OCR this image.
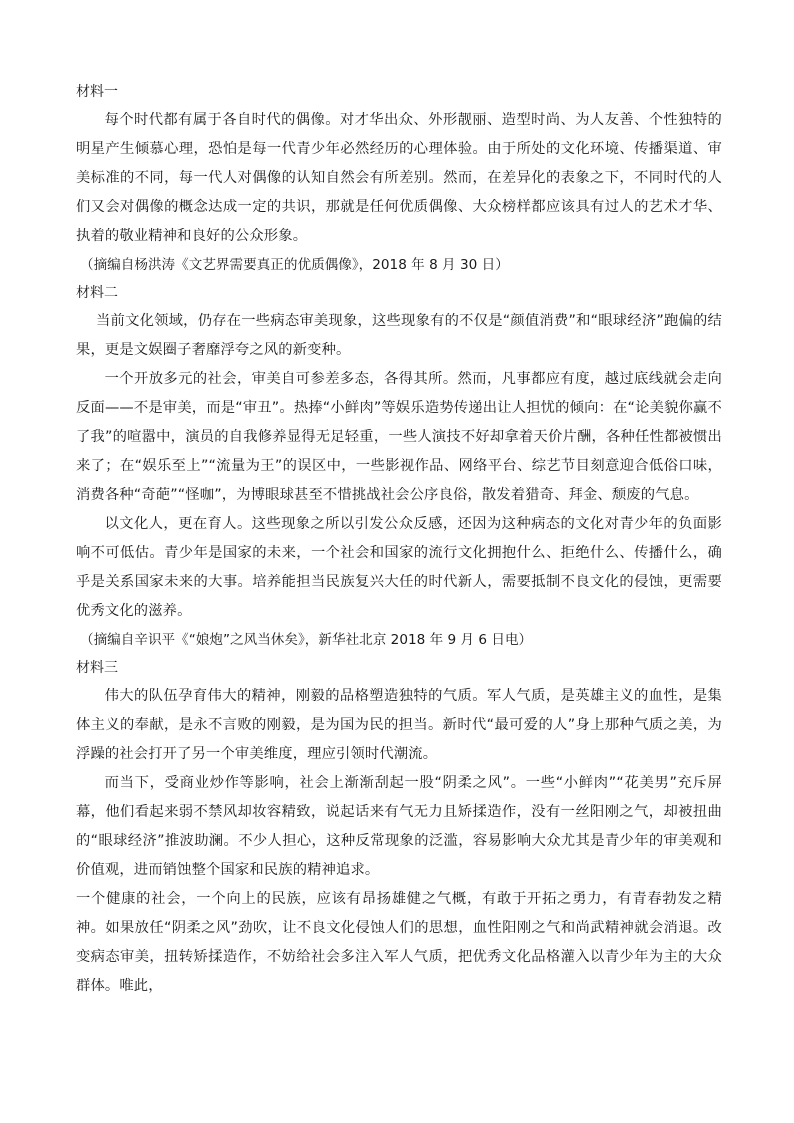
材料一

每个时代都有属于各自时代的偶像。对才华出众、外形靓丽、造型时尚、为人友善、个性独特的明星产生倾慕心理，恐怕是每一代青少年必然经历的心理体验。由于所处的文化环境、传播渠道、审美标准的不同，每一代人对偶像的认知自然会有所差别。然而，在差异化的表象之下，不同时代的人们又会对偶像的概念达成一定的共识，那就是任何优质偶像、大众榜样都应该具有过人的艺术才华、执着的敬业精神和良好的公众形象。

（摘编自杨洪涛《文艺界需要真正的优质偶像》，2018 年 8 月 30 日）

材料二

当前文化领域，仍存在一些病态审美现象，这些现象有的不仅是“颜值消费”和“眼球经济”跑偏的结果，更是文娱圈子奢靡浮夸之风的新变种。

一个开放多元的社会，审美自可参差多态，各得其所。然而，凡事都应有度，越过底线就会走向反面——不是审美，而是“审丑”。热捧“小鲜肉”等娱乐造势传递出让人担忧的倾向：在“论美貌你赢不了我”的喧嚣中，演员的自我修养显得无足轻重，一些人演技不好却拿着天价片酬，各种任性都被惯出来了；在“娱乐至上”“流量为王”的误区中，一些影视作品、网络平台、综艺节目刻意迎合低俗口味，消费各种“奇葩”“怪咖”，为博眼球甚至不惜挑战社会公序良俗，散发着猎奇、拜金、颓废的气息。

以文化人，更在育人。这些现象之所以引发公众反感，还因为这种病态的文化对青少年的负面影响不可低估。青少年是国家的未来，一个社会和国家的流行文化拥抱什么、拒绝什么、传播什么，确乎是关系国家未来的大事。培养能担当民族复兴大任的时代新人，需要抵制不良文化的侵蚀，更需要优秀文化的滋养。

（摘编自辛识平《“娘炮”之风当休矣》，新华社北京 2018 年 9 月 6 日电）

材料三

伟大的队伍孕育伟大的精神，刚毅的品格塑造独特的气质。军人气质，是英雄主义的血性，是集体主义的奉献，是永不言败的刚毅，是为国为民的担当。新时代“最可爱的人”身上那种气质之美，为浮躁的社会打开了另一个审美维度，理应引领时代潮流。

而当下，受商业炒作等影响，社会上渐渐刮起一股“阴柔之风”。一些“小鲜肉”“花美男”充斥屏幕，他们看起来弱不禁风却妆容精致，说起话来有气无力且矫揉造作，没有一丝阳刚之气，却被扭曲的“眼球经济”推波助澜。不少人担心，这种反常现象的泛滥，容易影响大众尤其是青少年的审美观和价值观，进而销蚀整个国家和民族的精神追求。

一个健康的社会，一个向上的民族，应该有昂扬雄健之气概，有敢于开拓之勇力，有青春勃发之精神。如果放任“阴柔之风”劲吹，让不良文化侵蚀人们的思想，血性阳刚之气和尚武精神就会消退。改变病态审美，扭转矫揉造作，不妨给社会多注入军人气质，把优秀文化品格灌入以青少年为主的大众群体。唯此，
